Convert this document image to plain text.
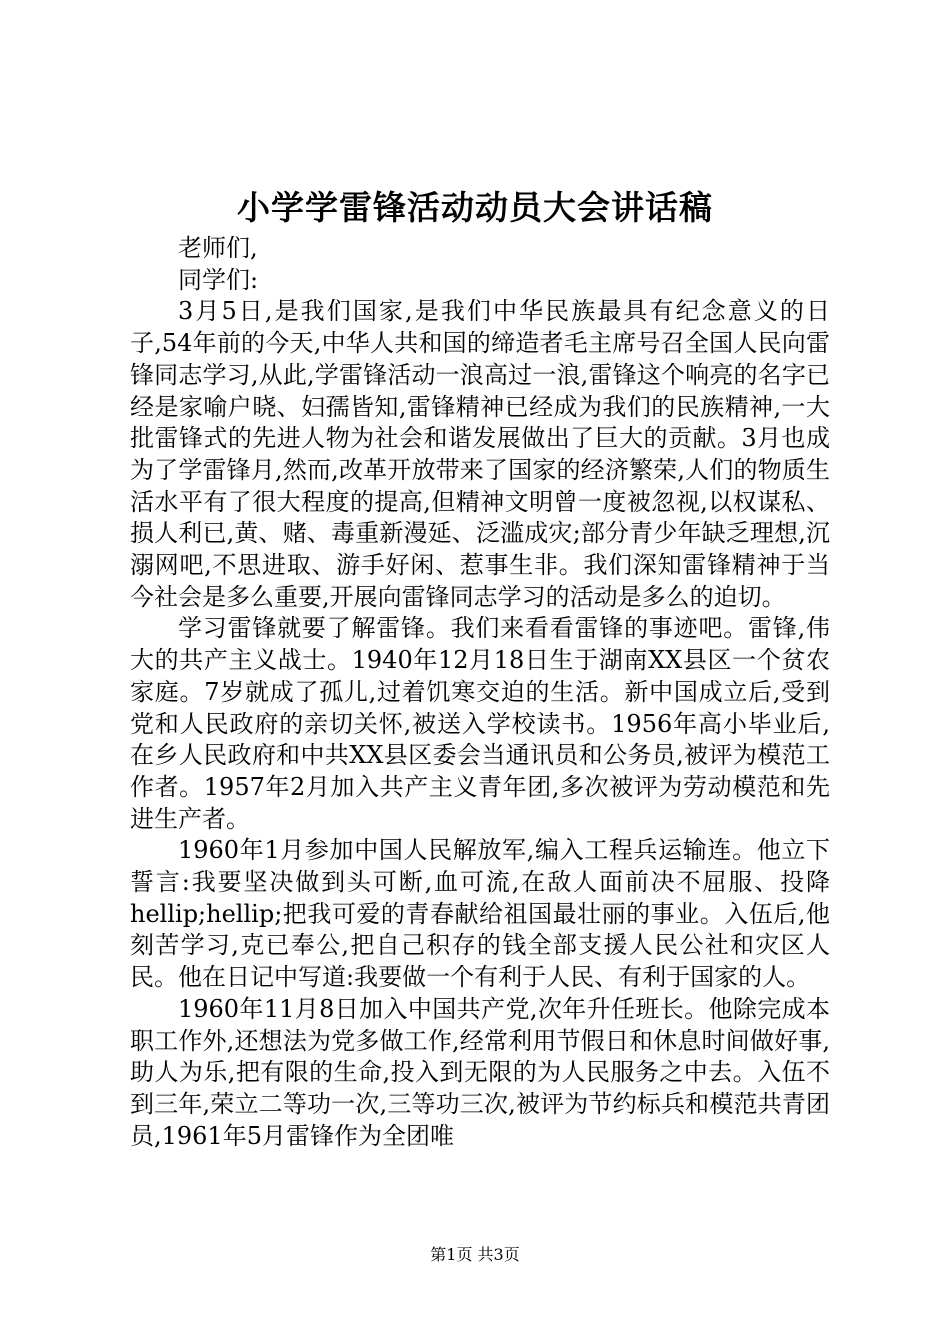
小学学雷锋活动动员大会讲话稿

老师们,

同学们:

3月5日,是我们国家,是我们中华民族最具有纪念意义的日子,54年前的今天,中华人共和国的缔造者毛主席号召全国人民向雷锋同志学习,从此,学雷锋活动一浪高过一浪,雷锋这个响亮的名字已经是家喻户晓、妇孺皆知,雷锋精神已经成为我们的民族精神,一大批雷锋式的先进人物为社会和谐发展做出了巨大的贡献。3月也成为了学雷锋月,然而,改革开放带来了国家的经济繁荣,人们的物质生活水平有了很大程度的提高,但精神文明曾一度被忽视,以权谋私、损人利已,黄、赌、毒重新漫延、泛滥成灾;部分青少年缺乏理想,沉溺网吧,不思进取、游手好闲、惹事生非。我们深知雷锋精神于当今社会是多么重要,开展向雷锋同志学习的活动是多么的迫切。

学习雷锋就要了解雷锋。我们来看看雷锋的事迹吧。雷锋,伟大的共产主义战士。1940年12月18日生于湖南XX县区一个贫农家庭。7岁就成了孤儿,过着饥寒交迫的生活。新中国成立后,受到党和人民政府的亲切关怀,被送入学校读书。1956年高小毕业后,在乡人民政府和中共XX县区委会当通讯员和公务员,被评为模范工作者。1957年2月加入共产主义青年团,多次被评为劳动模范和先进生产者。

1960年1月参加中国人民解放军,编入工程兵运输连。他立下誓言:我要坚决做到头可断,血可流,在敌人面前决不屈服、投降hellip;hellip;把我可爱的青春献给祖国最壮丽的事业。入伍后,他刻苦学习,克已奉公,把自己积存的钱全部支援人民公社和灾区人民。他在日记中写道:我要做一个有利于人民、有利于国家的人。

1960年11月8日加入中国共产党,次年升任班长。他除完成本职工作外,还想法为党多做工作,经常利用节假日和休息时间做好事,助人为乐,把有限的生命,投入到无限的为人民服务之中去。入伍不到三年,荣立二等功一次,三等功三次,被评为节约标兵和模范共青团员,1961年5月雷锋作为全团唯

第1页 共3页
